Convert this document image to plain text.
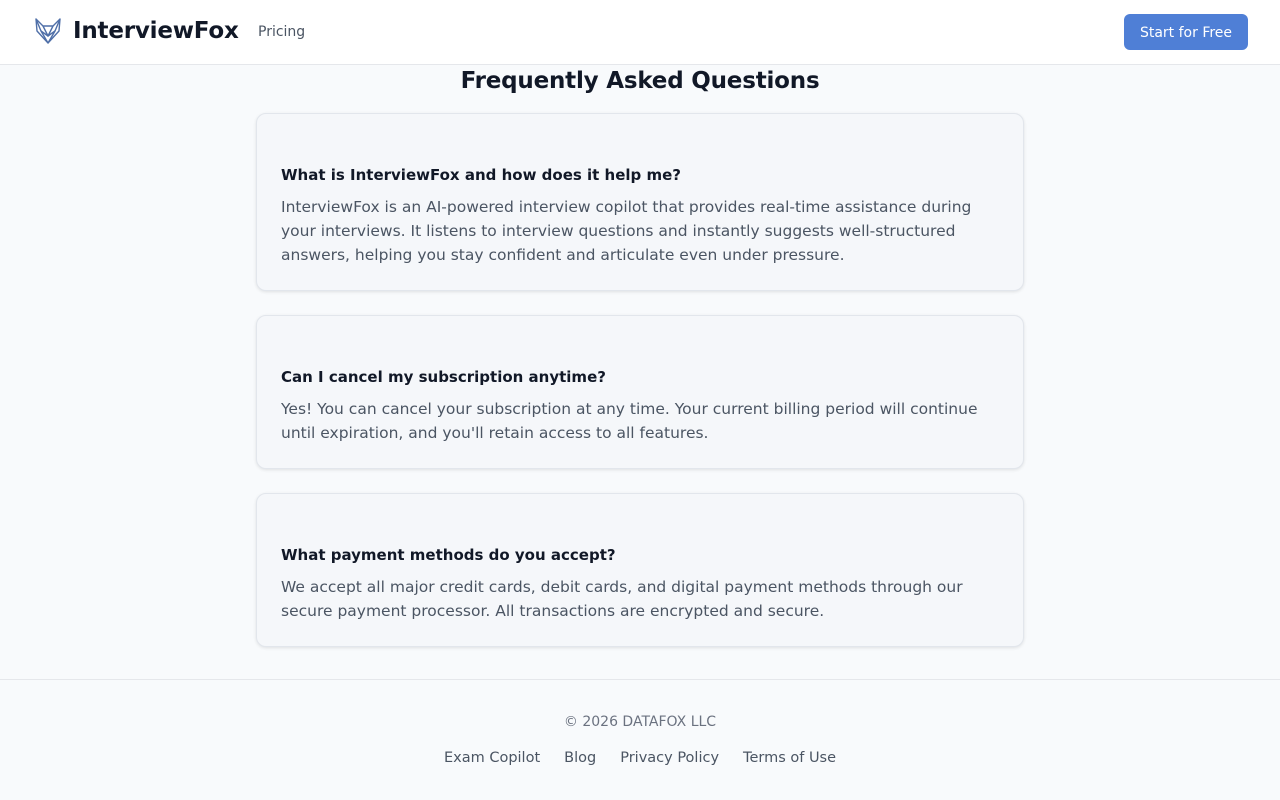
InterviewFox Pricing	Start for Free
Frequently Asked Questions
What is InterviewFox and how does it help me?
InterviewFox is an AI-powered interview copilot that provides real-time assistance during your interviews. It listens to interview questions and instantly suggests well-structured answers, helping you stay confident and articulate even under pressure.
Can I cancel my subscription anytime?
Yes! You can cancel your subscription at any time. Your current billing period will continue until expiration, and you'll retain access to all features.
What payment methods do you accept?
We accept all major credit cards, debit cards, and digital payment methods through our secure payment processor. All transactions are encrypted and secure.
© 2026 DATAFOX LLC
Exam Copilot Blog Privacy Policy Terms of Use
